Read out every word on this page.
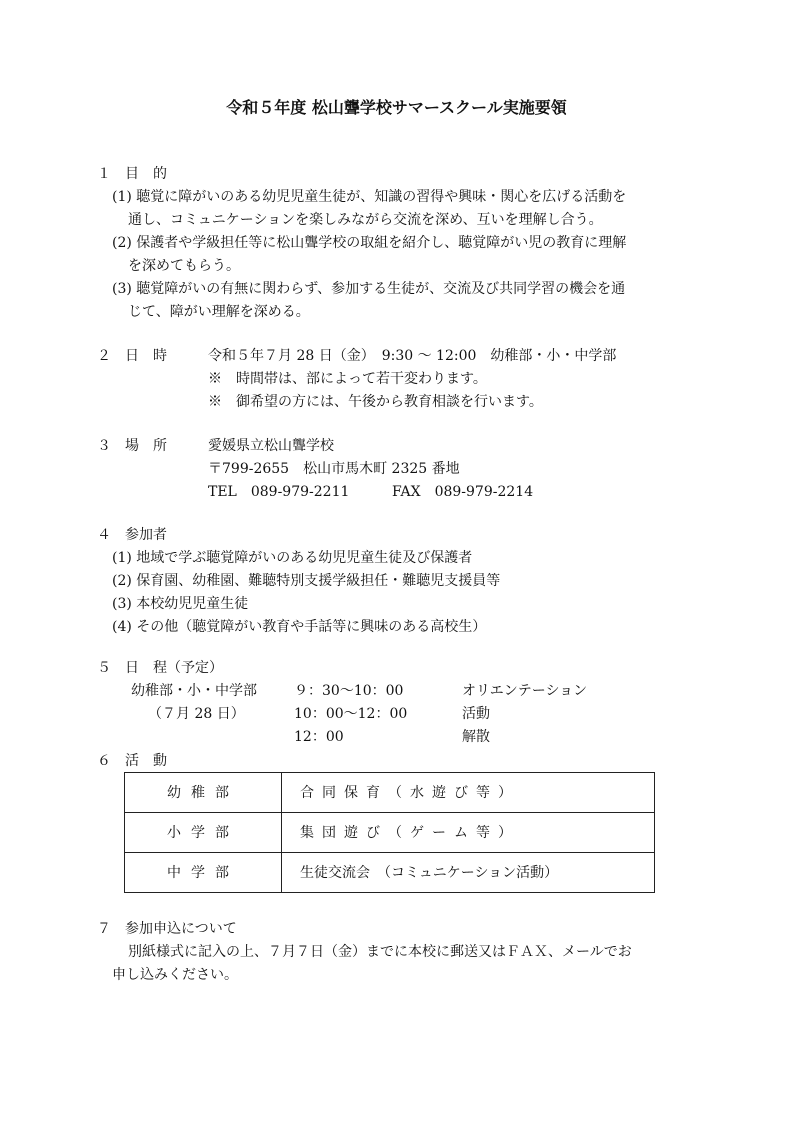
令和５年度 松山聾学校サマースクール実施要領
１　目　的
(1) 聴覚に障がいのある幼児児童生徒が、知識の習得や興味・関心を広げる活動を
通し、コミュニケーションを楽しみながら交流を深め、互いを理解し合う。
(2) 保護者や学級担任等に松山聾学校の取組を紹介し、聴覚障がい児の教育に理解
を深めてもらう。
(3) 聴覚障がいの有無に関わらず、参加する生徒が、交流及び共同学習の機会を通
じて、障がい理解を深める。
２　日　時	令和５年７月 28 日（金）　9:30 〜 12:00　幼稚部・小・中学部
※　時間帯は、部によって若干変わります。
※　御希望の方には、午後から教育相談を行います。
３　場　所	愛媛県立松山聾学校
〒799-2655　松山市馬木町 2325 番地
TEL　089-979-2211	FAX　089-979-2214
４　参加者
(1) 地域で学ぶ聴覚障がいのある幼児児童生徒及び保護者
(2) 保育園、幼稚園、難聴特別支援学級担任・難聴児支援員等
(3) 本校幼児児童生徒
(4) その他（聴覚障がい教育や手話等に興味のある高校生）
５　日　程（予定）
幼稚部・小・中学部
（７月 28 日）
９：30〜10：00	オリエンテーション
10：00〜12：00	活動
12：00	解散
６　活　動
幼稚部	合同保育（水遊び等）
小学部	集団遊び（ゲーム等）
中学部	生徒交流会　（コミュニケーション活動）
７　参加申込について
別紙様式に記入の上、７月７日（金）までに本校に郵送又はＦＡＸ、メールでお
申し込みください。
